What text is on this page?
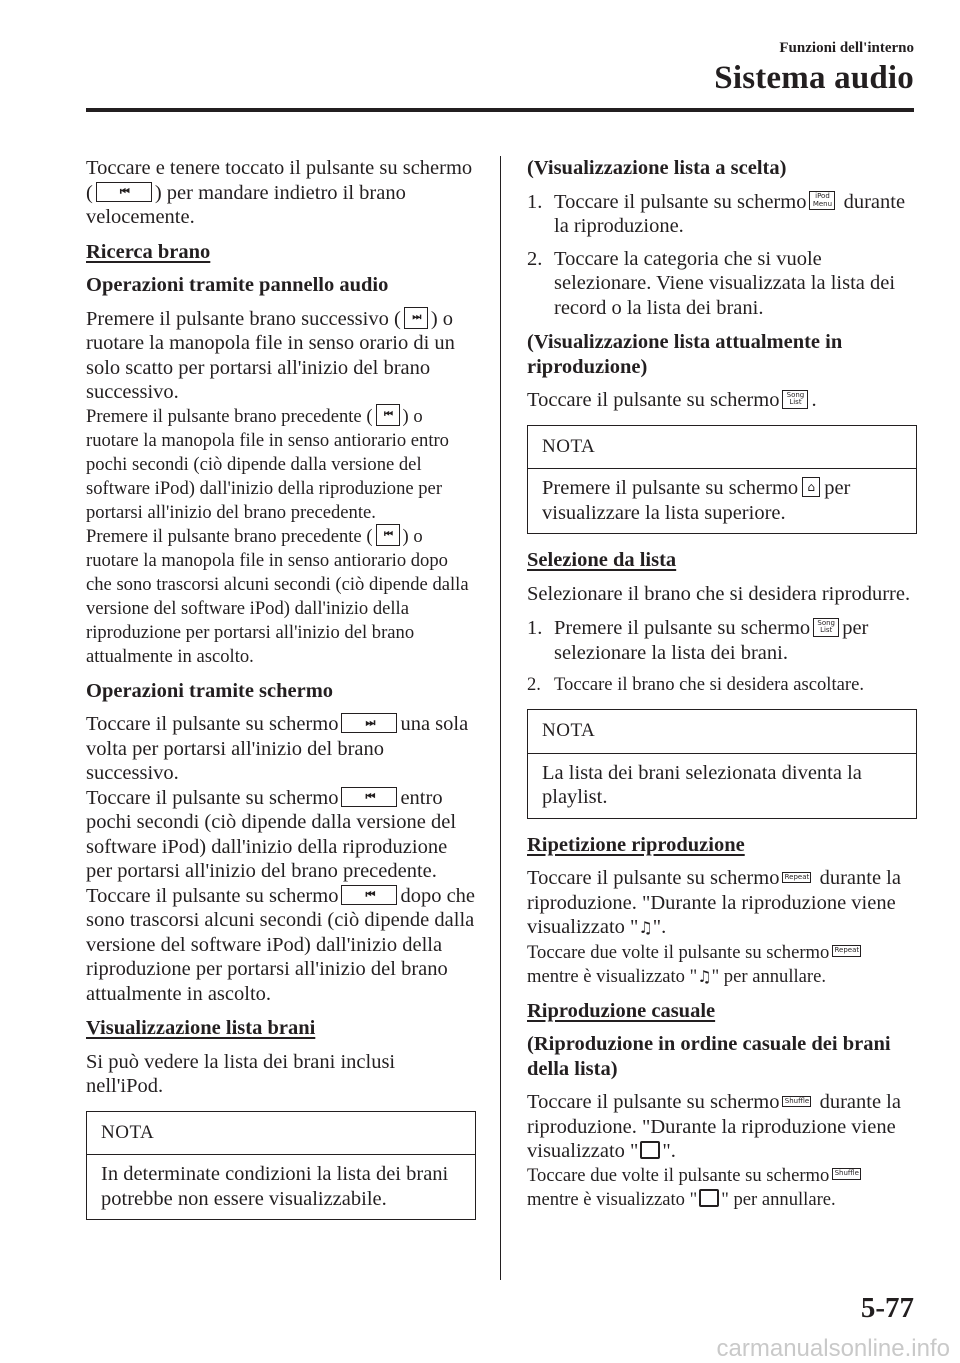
Funzioni dell'interno
Sistema audio

Toccare e tenere toccato il pulsante su schermo ( ⏮ ) per mandare indietro il brano velocemente.

Ricerca brano

Operazioni tramite pannello audio

Premere il pulsante brano successivo ( ⏭ ) o ruotare la manopola file in senso orario di un solo scatto per portarsi all'inizio del brano successivo.

Premere il pulsante brano precedente ( ⏮ ) o ruotare la manopola file in senso antiorario entro pochi secondi (ciò dipende dalla versione del software iPod) dall'inizio della riproduzione per portarsi all'inizio del brano precedente.

Premere il pulsante brano precedente ( ⏮ ) o ruotare la manopola file in senso antiorario dopo che sono trascorsi alcuni secondi (ciò dipende dalla versione del software iPod) dall'inizio della riproduzione per portarsi all'inizio del brano attualmente in ascolto.

Operazioni tramite schermo

Toccare il pulsante su schermo ⏭ una sola volta per portarsi all'inizio del brano successivo.
Toccare il pulsante su schermo ⏮ entro pochi secondi (ciò dipende dalla versione del software iPod) dall'inizio della riproduzione per portarsi all'inizio del brano precedente.
Toccare il pulsante su schermo ⏮ dopo che sono trascorsi alcuni secondi (ciò dipende dalla versione del software iPod) dall'inizio della riproduzione per portarsi all'inizio del brano attualmente in ascolto.

Visualizzazione lista brani

Si può vedere la lista dei brani inclusi nell'iPod.

NOTA
In determinate condizioni la lista dei brani potrebbe non essere visualizzabile.

(Visualizzazione lista a scelta)

1. Toccare il pulsante su schermo iPod Menu durante la riproduzione.
2. Toccare la categoria che si vuole selezionare. Viene visualizzata la lista dei record o la lista dei brani.

(Visualizzazione lista attualmente in riproduzione)

Toccare il pulsante su schermo Song List .

NOTA
Premere il pulsante su schermo ⌂ per visualizzare la lista superiore.

Selezione da lista

Selezionare il brano che si desidera riprodurre.

1. Premere il pulsante su schermo Song List per selezionare la lista dei brani.
2. Toccare il brano che si desidera ascoltare.
NOTA
La lista dei brani selezionata diventa la playlist.

Ripetizione riproduzione

Toccare il pulsante su schermo Repeat durante la riproduzione. "Durante la riproduzione viene visualizzato "♫".

Toccare due volte il pulsante su schermo Repeat mentre è visualizzato "♫" per annullare.

Riproduzione casuale

(Riproduzione in ordine casuale dei brani della lista)

Toccare il pulsante su schermo Shuffle durante la riproduzione. "Durante la riproduzione viene visualizzato " ".

Toccare due volte il pulsante su schermo Shuffle mentre è visualizzato " " per annullare.

5-77
carmanualsonline.info
